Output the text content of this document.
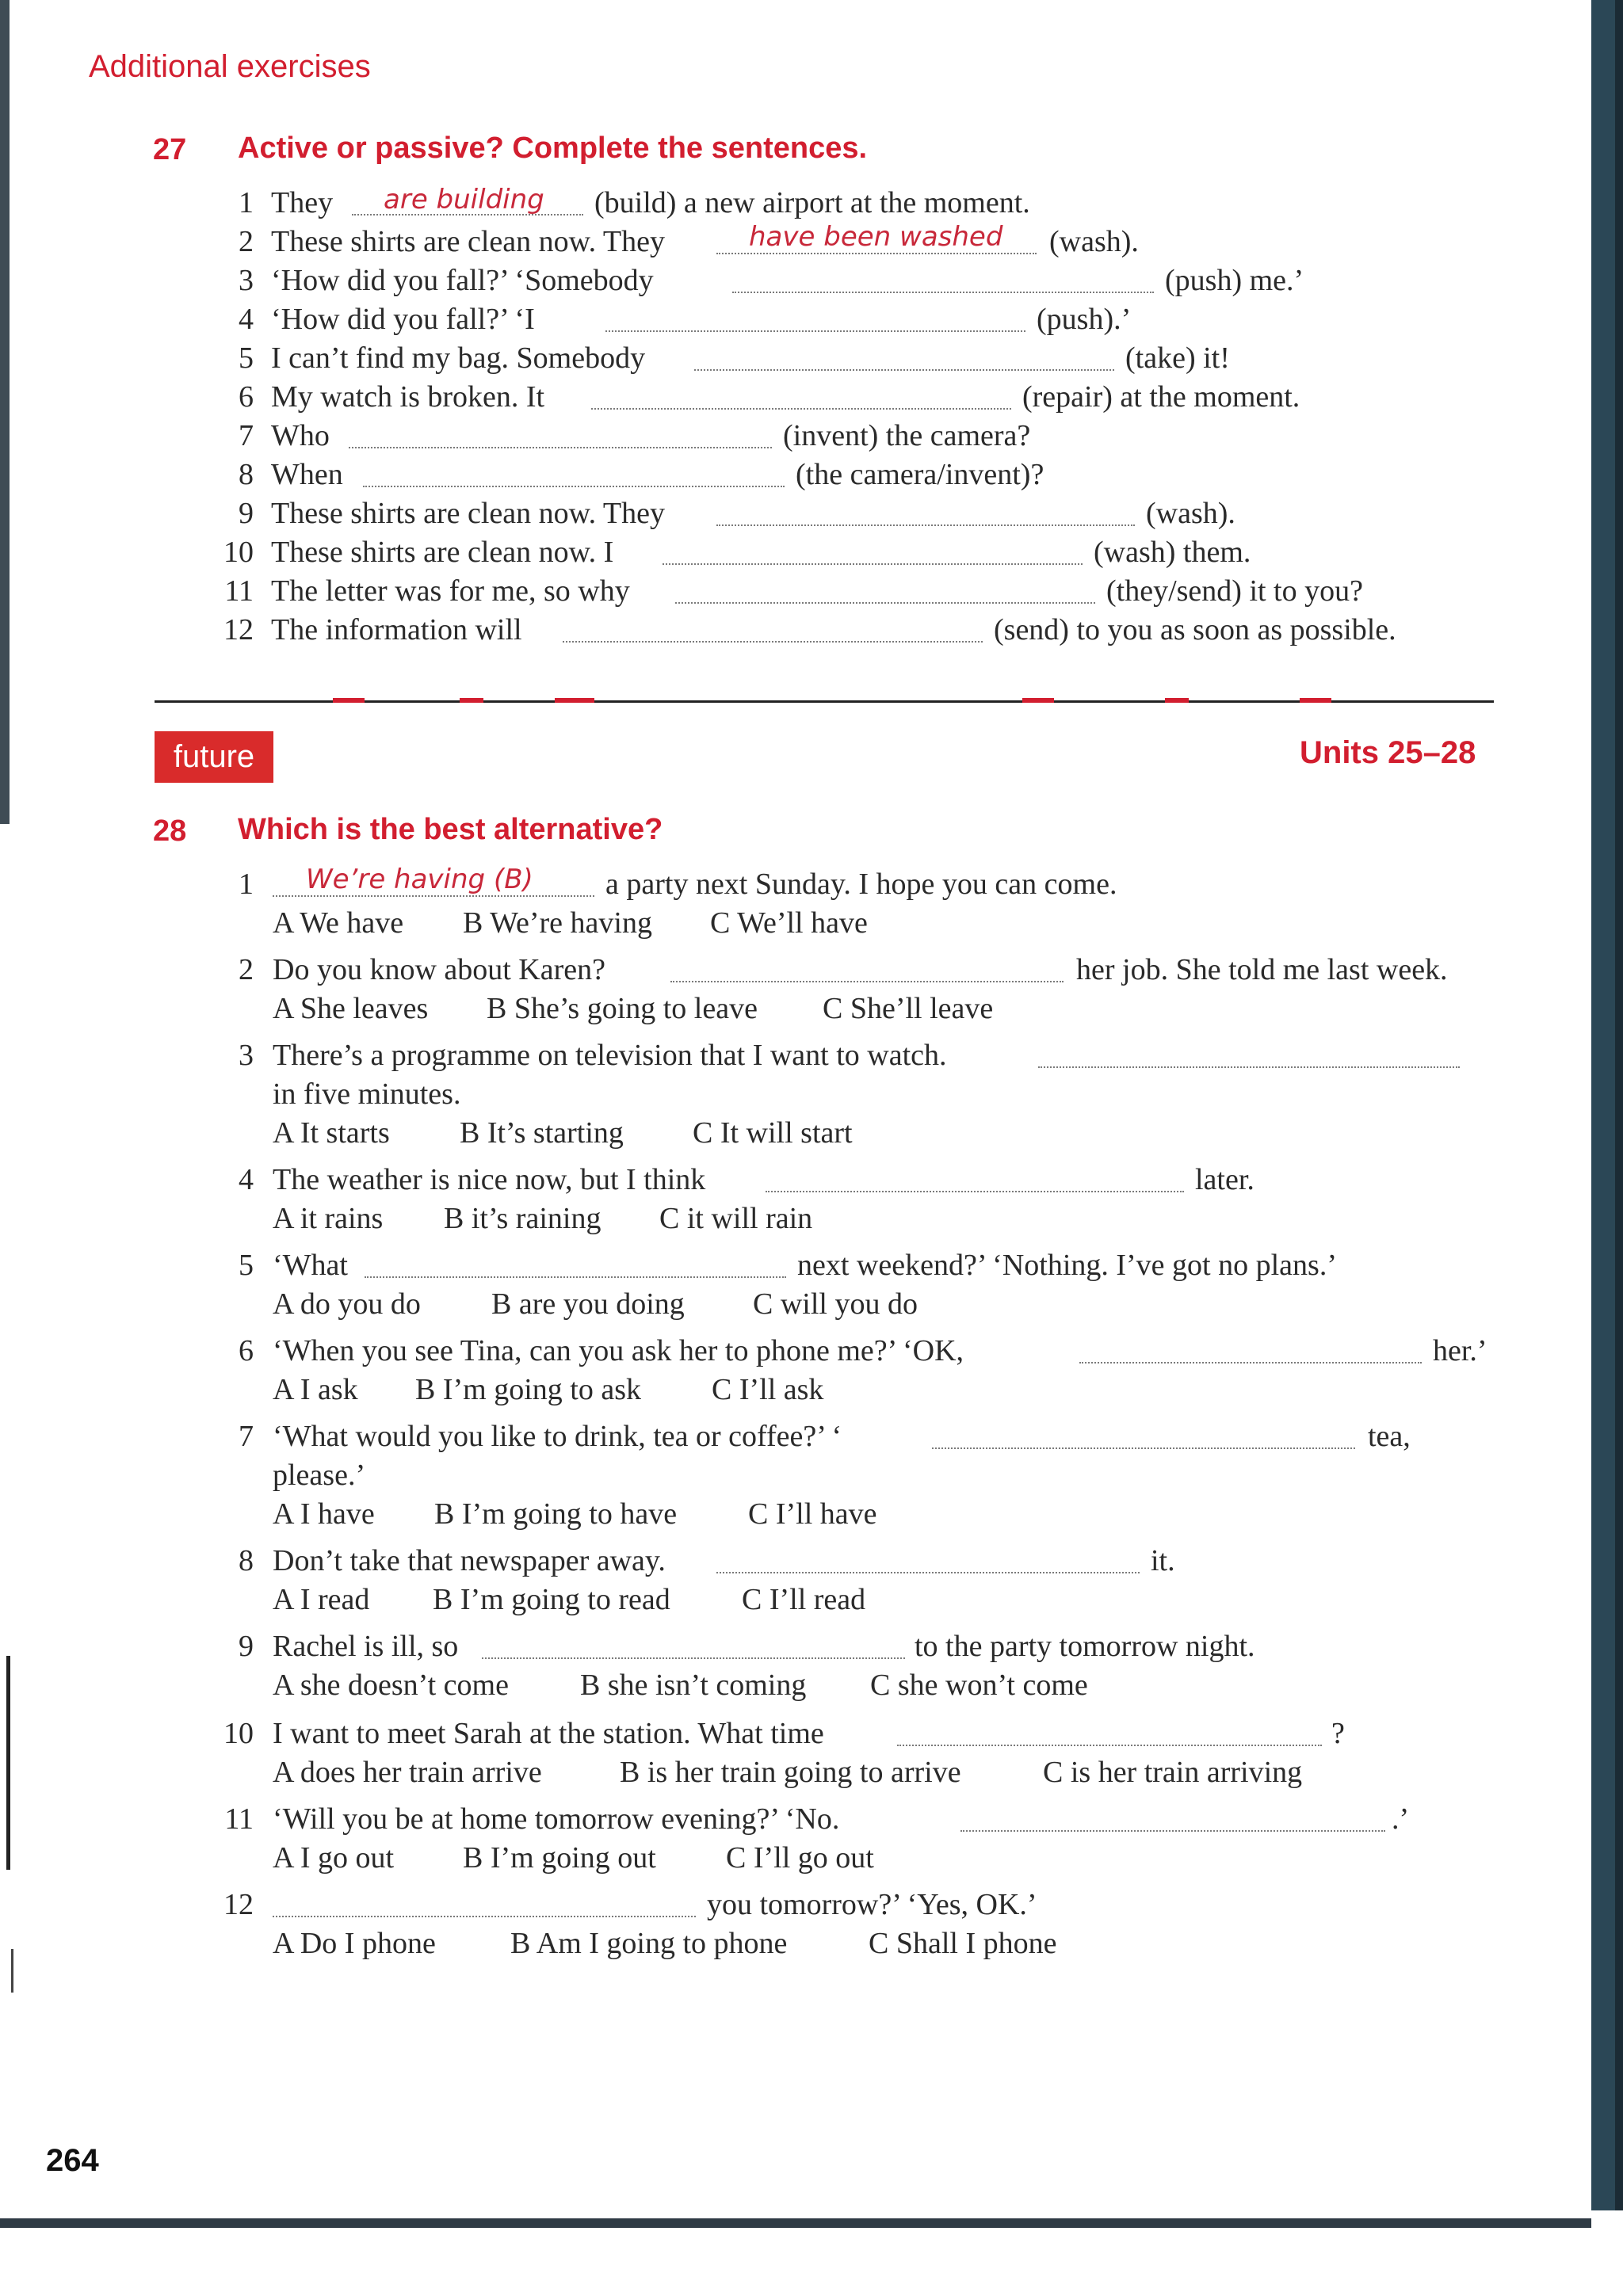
Additional exercises
27 Active or passive? Complete the sentences.
1 They are building (build) a new airport at the moment.
2 These shirts are clean now. They	have been washed (wash).
3 ‘How did you fall?’ ‘Somebody	(push) me.’
4 ‘How did you fall?’ ‘I	(push).’
5 I can’t find my bag. Somebody	(take) it!
6 My watch is broken. It	(repair) at the moment.
7 Who	(invent) the camera?
8 When	(the camera/invent)?
9 These shirts are clean now. They	(wash).
10 These shirts are clean now. I	(wash) them.
11 The letter was for me, so why	(they/send) it to you?
12 The information will	(send) to you as soon as possible.
future	Units 25–28
28 Which is the best alternative?
1 We’re having (B) a party next Sunday. I hope you can come.
A We have B We’re having C We’ll have
2 Do you know about Karen?	her job. She told me last week.
A She leaves B She’s going to leave C She’ll leave
3 There’s a programme on television that I want to watch.
in five minutes.
A It starts B It’s starting C It will start
4 The weather is nice now, but I think	later.
A it rains B it’s raining C it will rain
5 ‘What	next weekend?’ ‘Nothing. I’ve got no plans.’
A do you do B are you doing C will you do
6 ‘When you see Tina, can you ask her to phone me?’ ‘OK,	her.’
A I ask B I’m going to ask C I’ll ask
7 ‘What would you like to drink, tea or coffee?’ ‘	tea,
please.’
A I have B I’m going to have C I’ll have
8 Don’t take that newspaper away.	it.
A I read B I’m going to read C I’ll read
9 Rachel is ill, so	to the party tomorrow night.
A she doesn’t come B she isn’t coming C she won’t come
10 I want to meet Sarah at the station. What time	?
A does her train arrive	B is her train going to arrive	C is her train arriving
11 ‘Will you be at home tomorrow evening?’ ‘No.	.’
A I go out B I’m going out C I’ll go out
12	you tomorrow?’ ‘Yes, OK.’
A Do I phone B Am I going to phone	C Shall I phone
264
